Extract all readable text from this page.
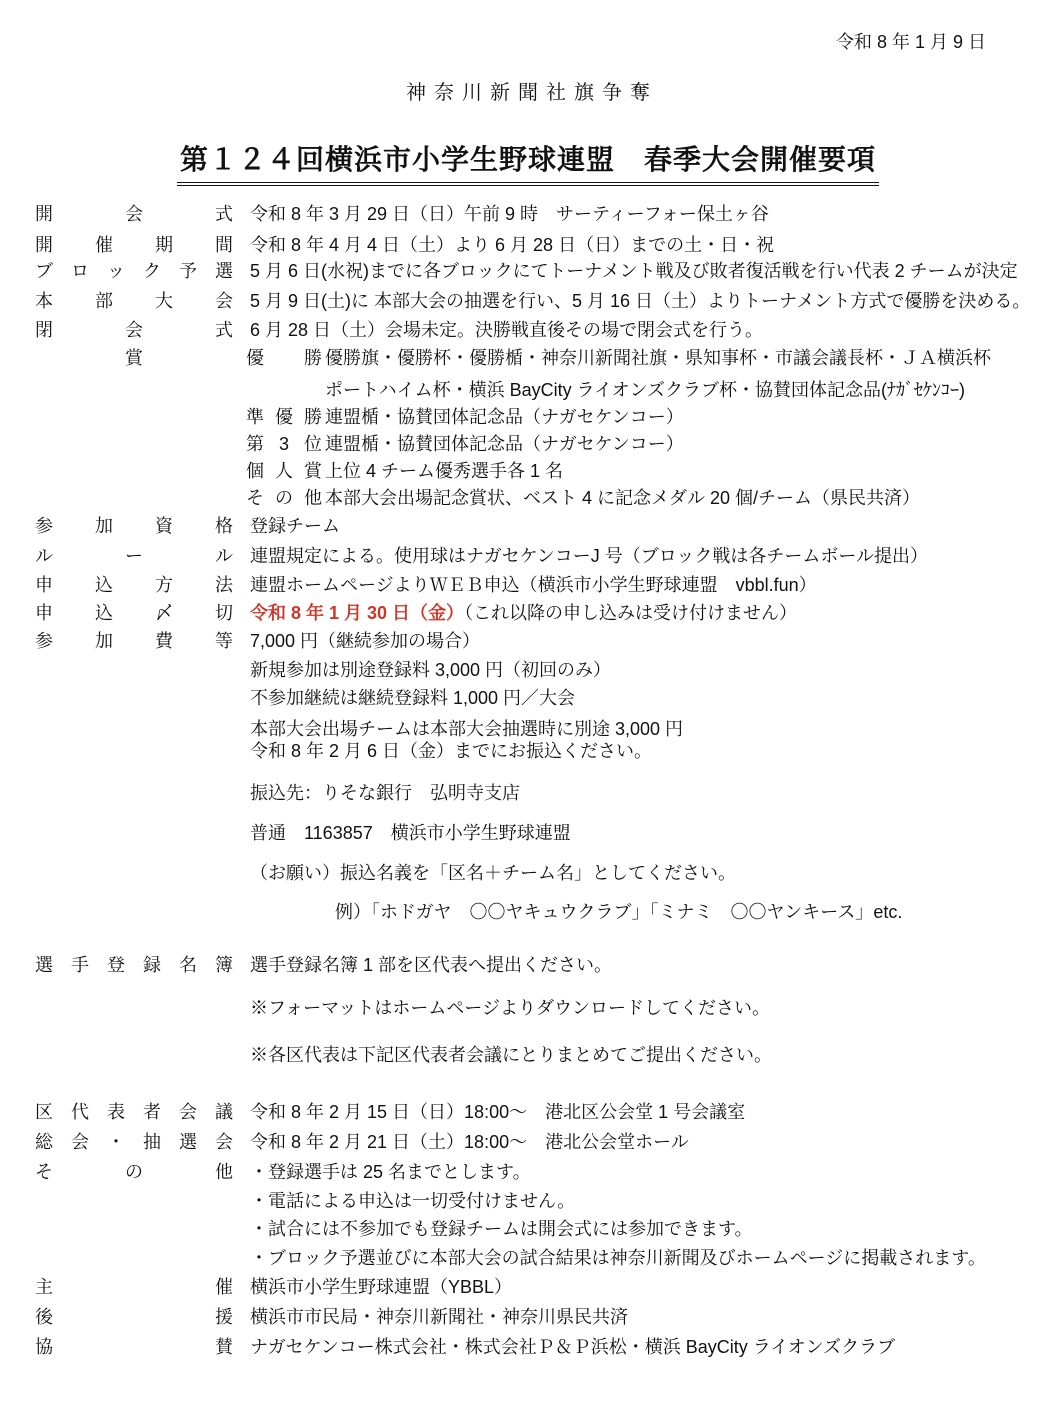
令和 8 年 1 月 9 日
神奈川新聞社旗争奪
第１２４回横浜市小学生野球連盟　春季大会開催要項
開	会	式 令和 8 年 3 月 29 日（日）午前 9 時　サーティーフォー保土ヶ谷
開 催 期 間 令和 8 年 4 月 4 日（土）より 6 月 28 日（日）までの土・日・祝
ブ ロ ッ ク 予 選 5 月 6 日(水祝)までに各ブロックにてトーナメント戦及び敗者復活戦を行い代表 2 チームが決定
本 部 大 会 5 月 9 日(土)に 本部大会の抽選を行い、5 月 16 日（土）よりトーナメント方式で優勝を決める。
閉	会	式 6 月 28 日（土）会場未定。決勝戦直後その場で閉会式を行う。
賞	優 勝 優勝旗・優勝杯・優勝楯・神奈川新聞社旗・県知事杯・市議会議長杯・ＪＡ横浜杯
ポートハイム杯・横浜 BayCity ライオンズクラブ杯・協賛団体記念品(ﾅｶﾞｾｹﾝｺｰ)
準 優 勝 連盟楯・協賛団体記念品（ナガセケンコー）
第 3 位 連盟楯・協賛団体記念品（ナガセケンコー）
個 人 賞 上位 4 チーム優秀選手各 1 名
そ の 他 本部大会出場記念賞状、ベスト 4 に記念メダル 20 個/チーム（県民共済）
参 加 資 格 登録チーム
ル	ー	ル 連盟規定による。使用球はナガセケンコーJ 号（ブロック戦は各チームボール提出）
申 込 方 法 連盟ホームページよりＷＥＢ申込（横浜市小学生野球連盟　vbbl.fun）
申 込 〆 切 令和 8 年 1 月 30 日（金）（これ以降の申し込みは受け付けません）
参 加 費 等 7,000 円（継続参加の場合）
新規参加は別途登録料 3,000 円（初回のみ）
不参加継続は継続登録料 1,000 円／大会
本部大会出場チームは本部大会抽選時に別途 3,000 円
令和 8 年 2 月 6 日（金）までにお振込ください。
振込先：りそな銀行　弘明寺支店
普通　1163857　横浜市小学生野球連盟
（お願い）振込名義を「区名＋チーム名」としてください。
例）「ホドガヤ　〇〇ヤキュウクラブ」「ミナミ　〇〇ヤンキース」etc.
選 手 登 録 名 簿 選手登録名簿 1 部を区代表へ提出ください。
※フォーマットはホームページよりダウンロードしてください。
※各区代表は下記区代表者会議にとりまとめてご提出ください。
区 代 表 者 会 議 令和 8 年 2 月 15 日（日）18:00～　港北区公会堂 1 号会議室
総 会 ・ 抽 選 会 令和 8 年 2 月 21 日（土）18:00～　港北公会堂ホール
そ	の	他 ・登録選手は 25 名までとします。
・電話による申込は一切受付けません。
・試合には不参加でも登録チームは開会式には参加できます。
・ブロック予選並びに本部大会の試合結果は神奈川新聞及びホームページに掲載されます。
主	催 横浜市小学生野球連盟（YBBL）
後	援 横浜市市民局・神奈川新聞社・神奈川県民共済
協	賛 ナガセケンコー株式会社・株式会社Ｐ＆Ｐ浜松・横浜 BayCity ライオンズクラブ
